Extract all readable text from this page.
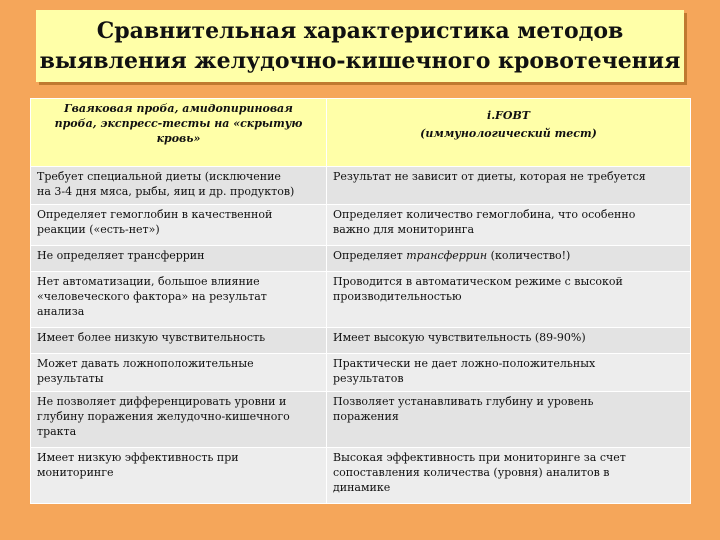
Сравнительная характеристика методов
выявления желудочно-кишечного кровотечения
Гваяковая проба, амидопириновая
проба, экспресс-тесты на «скрытую
кровь»	i.FOBT
(иммунологический тест)

Требует специальной диеты (исключение
на 3-4 дня мяса, рыбы, яиц и др. продуктов)	Результат не зависит от диеты, которая не требуется

Определяет гемоглобин в качественной
реакции («есть-нет»)	Определяет количество гемоглобина, что особенно
важно для мониторинга

Не определяет трансферрин	Определяет трансферрин (количество!)

Нет автоматизации, большое влияние
«человеческого фактора» на результат
анализа	Проводится в автоматическом режиме с высокой
производительностью

Имеет более низкую чувствительность	Имеет высокую чувствительность (89-90%)

Может давать ложноположительные
результаты	Практически не дает ложно-положительных
результатов

Не позволяет дифференцировать уровни и
глубину поражения желудочно-кишечного
тракта	Позволяет устанавливать глубину и уровень
поражения

Имеет низкую эффективность при
мониторинге	Высокая эффективность при мониторинге за счет
сопоставления количества (уровня) аналитов в
динамике
